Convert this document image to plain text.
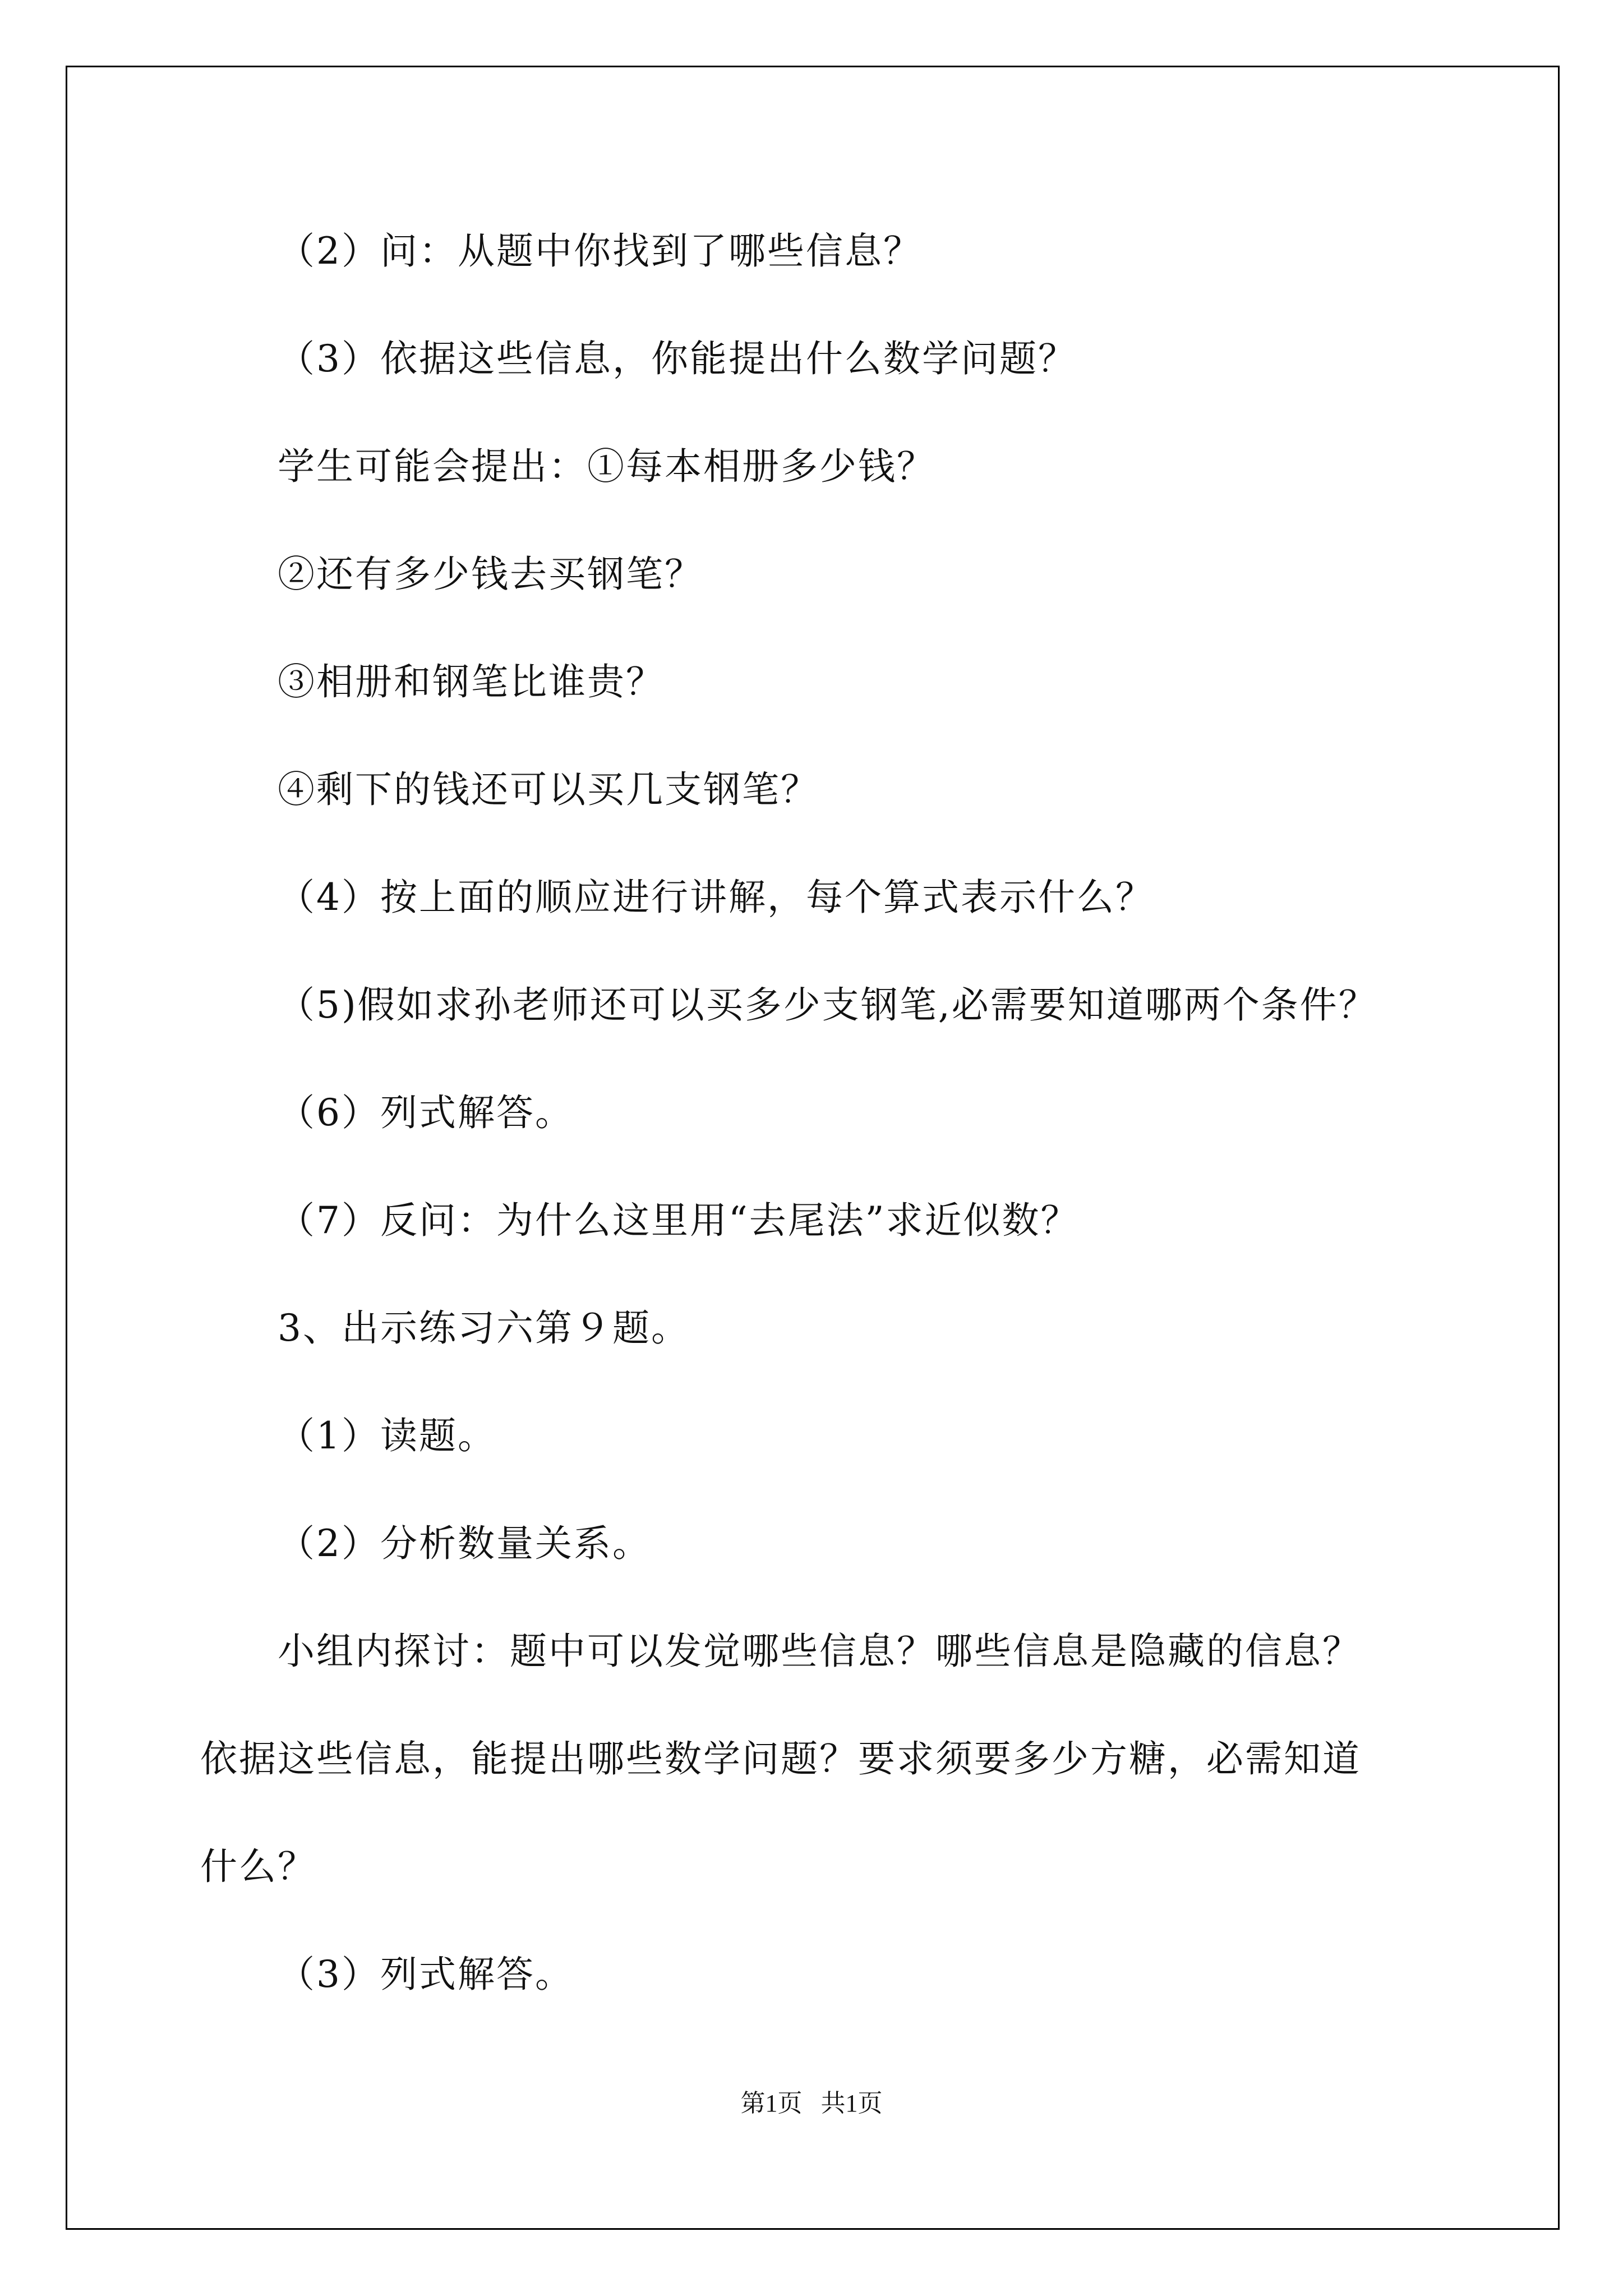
（2）问：从题中你找到了哪些信息？
（3）依据这些信息，你能提出什么数学问题？
学生可能会提出：①每本相册多少钱？
②还有多少钱去买钢笔？
③相册和钢笔比谁贵？
④剩下的钱还可以买几支钢笔？
（4）按上面的顺应进行讲解，每个算式表示什么？
（5)假如求孙老师还可以买多少支钢笔,必需要知道哪两个条件？
（6）列式解答。
（7）反问：为什么这里用“去尾法”求近似数？
3、出示练习六第９题。
（1）读题。
（2）分析数量关系。
小组内探讨：题中可以发觉哪些信息？哪些信息是隐藏的信息？
依据这些信息，能提出哪些数学问题？要求须要多少方糖，必需知道
什么？
（3）列式解答。
第1页   共1页
